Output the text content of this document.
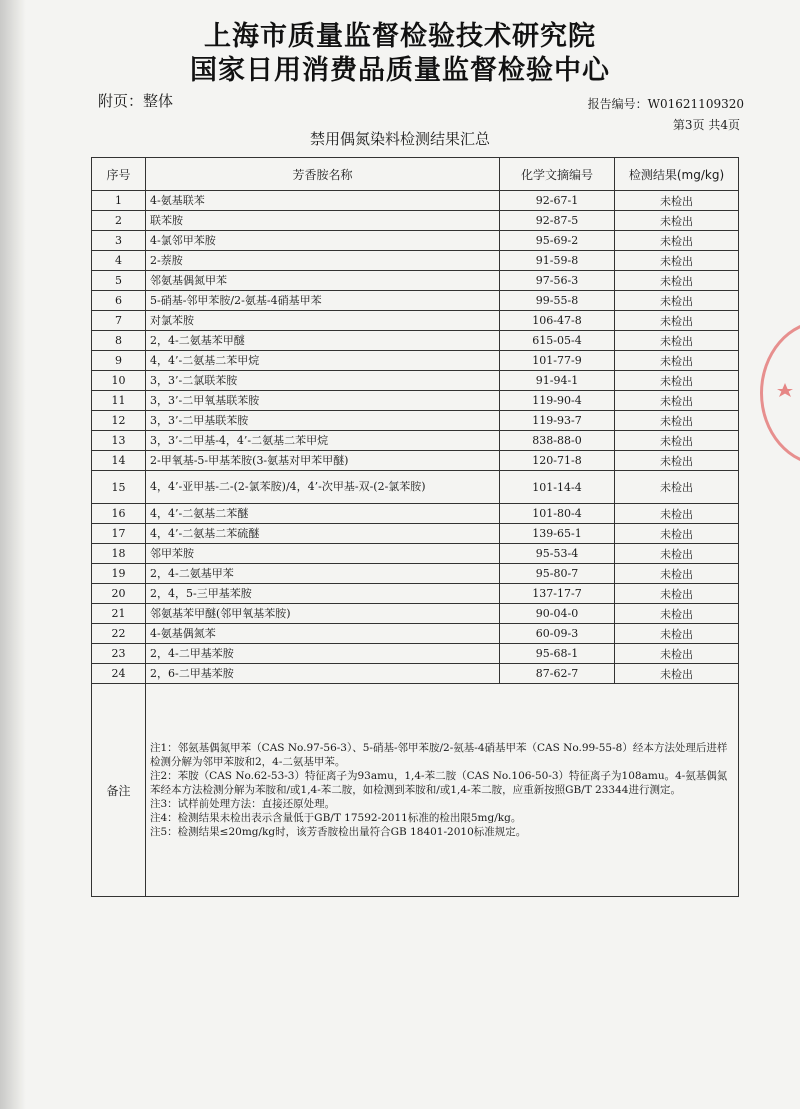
上海市质量监督检验技术研究院
国家日用消费品质量监督检验中心
附页：整体	报告编号：W01621109320
第3页 共4页
禁用偶氮染料检测结果汇总
序号	芳香胺名称	化学文摘编号	检测结果(mg/kg)
1	4-氨基联苯	92-67-1	未检出
2	联苯胺	92-87-5	未检出
3	4-氯邻甲苯胺	95-69-2	未检出
4	2-萘胺	91-59-8	未检出
5	邻氨基偶氮甲苯	97-56-3	未检出
6	5-硝基-邻甲苯胺/2-氨基-4硝基甲苯	99-55-8	未检出
7	对氯苯胺	106-47-8	未检出
8	2，4-二氨基苯甲醚	615-05-4	未检出
9	4，4’-二氨基二苯甲烷	101-77-9	未检出
10	3，3’-二氯联苯胺	91-94-1	未检出
11	3，3’-二甲氧基联苯胺	119-90-4	未检出
12	3，3’-二甲基联苯胺	119-93-7	未检出
13	3，3’-二甲基-4，4’-二氨基二苯甲烷	838-88-0	未检出
14	2-甲氧基-5-甲基苯胺(3-氨基对甲苯甲醚)	120-71-8	未检出
15	4，4’-亚甲基-二-(2-氯苯胺)/4，4’-次甲基-双-(2-氯苯胺)	101-14-4	未检出
16	4，4’-二氨基二苯醚	101-80-4	未检出
17	4，4’-二氨基二苯硫醚	139-65-1	未检出
18	邻甲苯胺	95-53-4	未检出
19	2，4-二氨基甲苯	95-80-7	未检出
20	2，4，5-三甲基苯胺	137-17-7	未检出
21	邻氨基苯甲醚(邻甲氧基苯胺)	90-04-0	未检出
22	4-氨基偶氮苯	60-09-3	未检出
23	2，4-二甲基苯胺	95-68-1	未检出
24	2，6-二甲基苯胺	87-62-7	未检出
备注	注1：邻氨基偶氮甲苯（CAS No.97-56-3）、5-硝基-邻甲苯胺/2-氨基-4硝基甲苯（CAS No.99-55-8）经本方法处理后进样检测分解为邻甲苯胺和2，4-二氨基甲苯。

注2：苯胺（CAS No.62-53-3）特征离子为93amu，1,4-苯二胺（CAS No.106-50-3）特征离子为108amu。4-氨基偶氮苯经本方法检测分解为苯胺和/或1,4-苯二胺，如检测到苯胺和/或1,4-苯二胺，应重新按照GB/T 23344进行测定。

注3：试样前处理方法：直接还原处理。

注4：检测结果未检出表示含量低于GB/T 17592-2011标准的检出限5mg/kg。

注5：检测结果≤20mg/kg时，该芳香胺检出量符合GB 18401-2010标准规定。		
